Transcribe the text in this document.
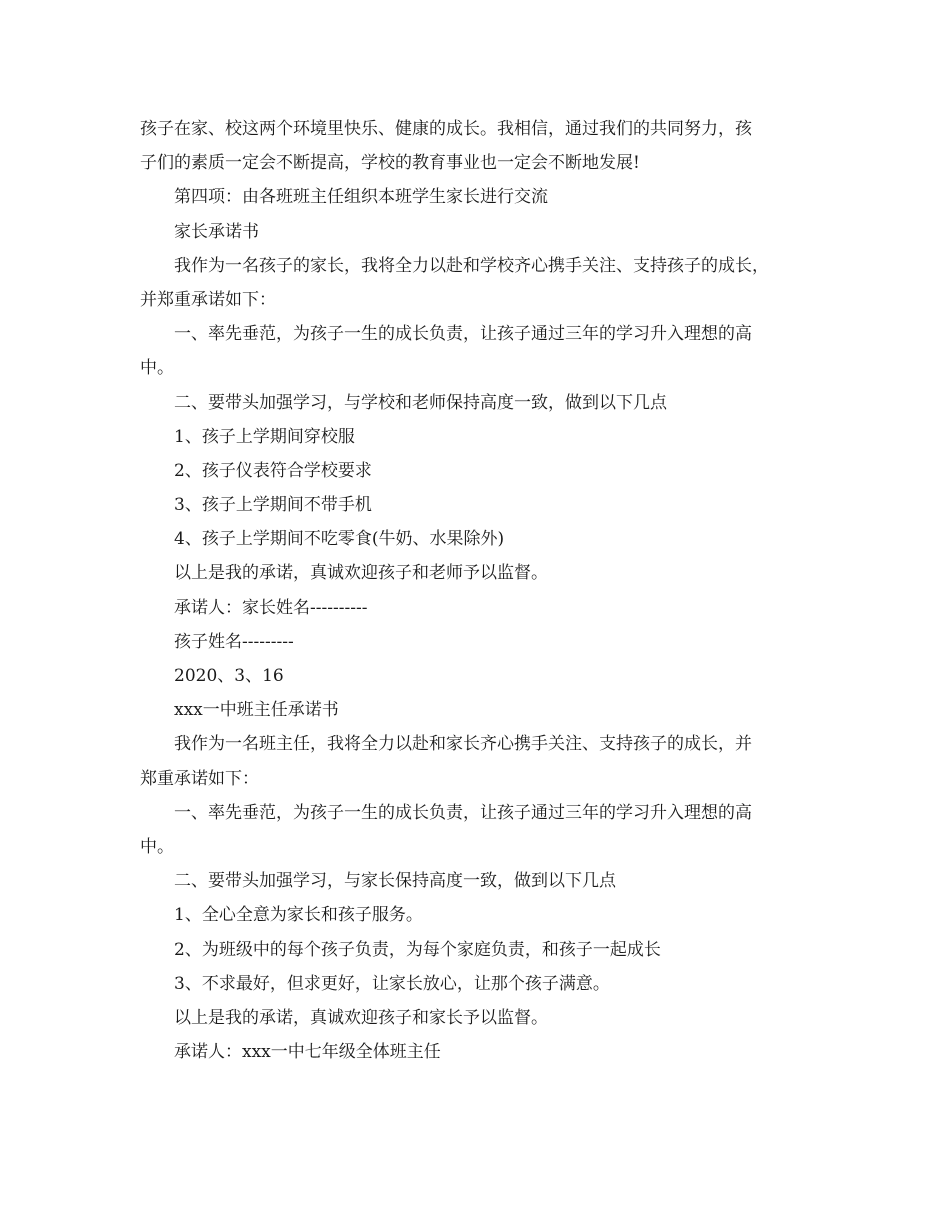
孩子在家、校这两个环境里快乐、健康的成长。我相信，通过我们的共同努力，孩
子们的素质一定会不断提高，学校的教育事业也一定会不断地发展!
第四项：由各班班主任组织本班学生家长进行交流
家长承诺书
我作为一名孩子的家长，我将全力以赴和学校齐心携手关注、支持孩子的成长，
并郑重承诺如下：
一、率先垂范，为孩子一生的成长负责，让孩子通过三年的学习升入理想的高
中。
二、要带头加强学习，与学校和老师保持高度一致，做到以下几点
1、孩子上学期间穿校服
2、孩子仪表符合学校要求
3、孩子上学期间不带手机
4、孩子上学期间不吃零食(牛奶、水果除外)
以上是我的承诺，真诚欢迎孩子和老师予以监督。
承诺人：家长姓名----------
孩子姓名---------
2020、3、16
xxx一中班主任承诺书
我作为一名班主任，我将全力以赴和家长齐心携手关注、支持孩子的成长，并
郑重承诺如下：
一、率先垂范，为孩子一生的成长负责，让孩子通过三年的学习升入理想的高
中。
二、要带头加强学习，与家长保持高度一致，做到以下几点
1、全心全意为家长和孩子服务。
2、为班级中的每个孩子负责，为每个家庭负责，和孩子一起成长
3、不求最好，但求更好，让家长放心，让那个孩子满意。
以上是我的承诺，真诚欢迎孩子和家长予以监督。
承诺人：xxx一中七年级全体班主任
